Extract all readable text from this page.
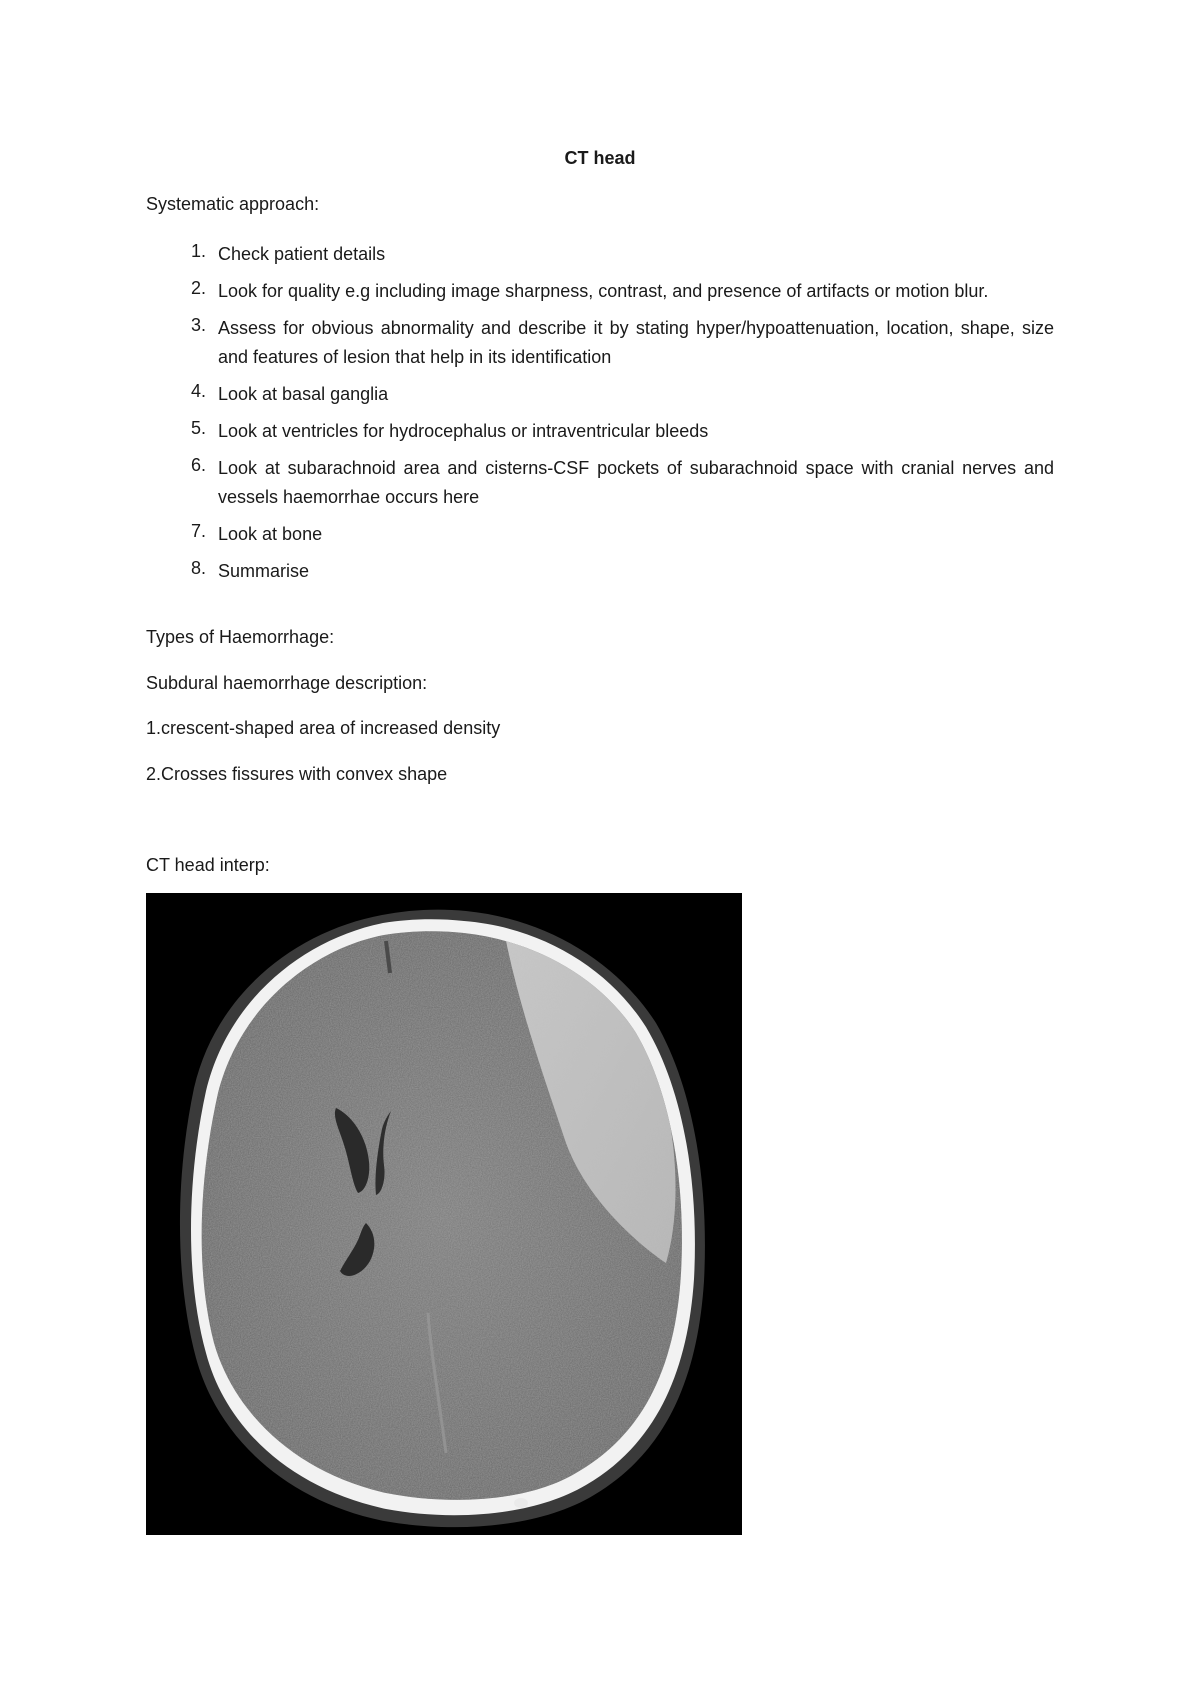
CT head

Systematic approach:

1. Check patient details
2. Look for quality e.g including image sharpness, contrast, and presence of artifacts or motion blur.
3. Assess for obvious abnormality and describe it by stating hyper/hypoattenuation, location, shape, size and features of lesion that help in its identification
4. Look at basal ganglia
5. Look at ventricles for hydrocephalus or intraventricular bleeds
6. Look at subarachnoid area and cisterns-CSF pockets of subarachnoid space with cranial nerves and vessels haemorrhae occurs here
7. Look at bone
8. Summarise

Types of Haemorrhage:

Subdural haemorrhage description:

1.crescent-shaped area of increased density

2.Crosses fissures with convex shape

CT head interp:
